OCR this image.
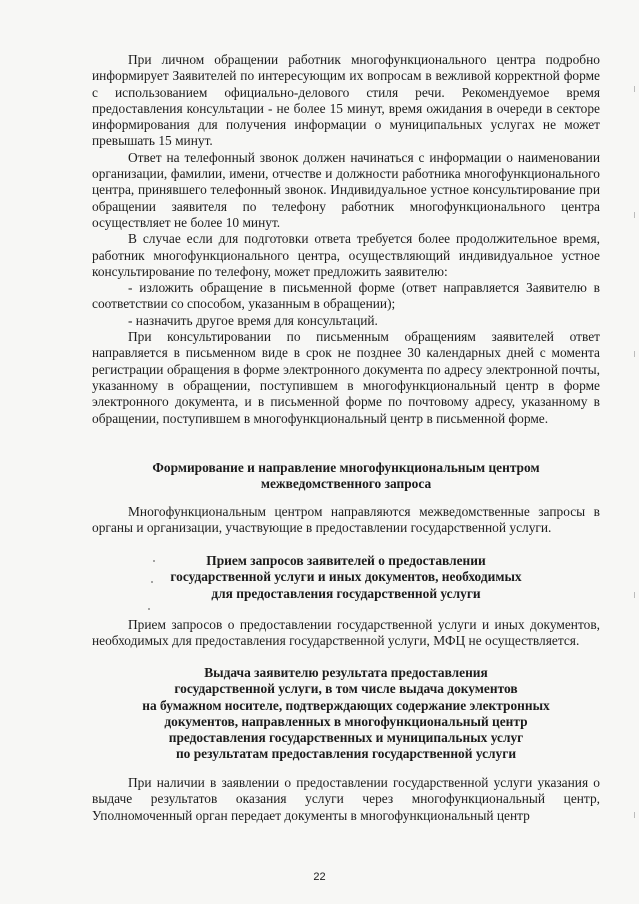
При личном обращении работник многофункционального центра подробно информирует Заявителей по интересующим их вопросам в вежливой корректной форме с использованием официально-делового стиля речи. Рекомендуемое время предоставления консультации - не более 15 минут, время ожидания в очереди в секторе информирования для получения информации о муниципальных услугах не может превышать 15 минут.

Ответ на телефонный звонок должен начинаться с информации о наименовании организации, фамилии, имени, отчестве и должности работника многофункционального центра, принявшего телефонный звонок. Индивидуальное устное консультирование при обращении заявителя по телефону работник многофункционального центра осуществляет не более 10 минут.

В случае если для подготовки ответа требуется более продолжительное время, работник многофункционального центра, осуществляющий индивидуальное устное консультирование по телефону, может предложить заявителю:

- изложить обращение в письменной форме (ответ направляется Заявителю в соответствии со способом, указанным в обращении);

- назначить другое время для консультаций.

При консультировании по письменным обращениям заявителей ответ направляется в письменном виде в срок не позднее 30 календарных дней с момента регистрации обращения в форме электронного документа по адресу электронной почты, указанному в обращении, поступившем в многофункциональный центр в форме электронного документа, и в письменной форме по почтовому адресу, указанному в обращении, поступившем в многофункциональный центр в письменной форме.

Формирование и направление многофункциональным центром
межведомственного запроса

Многофункциональным центром направляются межведомственные запросы в органы и организации, участвующие в предоставлении государственной услуги.

Прием запросов заявителей о предоставлении
государственной услуги и иных документов, необходимых
для предоставления государственной услуги

Прием запросов о предоставлении государственной услуги и иных документов, необходимых для предоставления государственной услуги, МФЦ не осуществляется.

Выдача заявителю результата предоставления
государственной услуги, в том числе выдача документов
на бумажном носителе, подтверждающих содержание электронных
документов, направленных в многофункциональный центр
предоставления государственных и муниципальных услуг
по результатам предоставления государственной услуги

При наличии в заявлении о предоставлении государственной услуги указания о выдаче результатов оказания услуги через многофункциональный центр, Уполномоченный орган передает документы в многофункциональный центр

22
